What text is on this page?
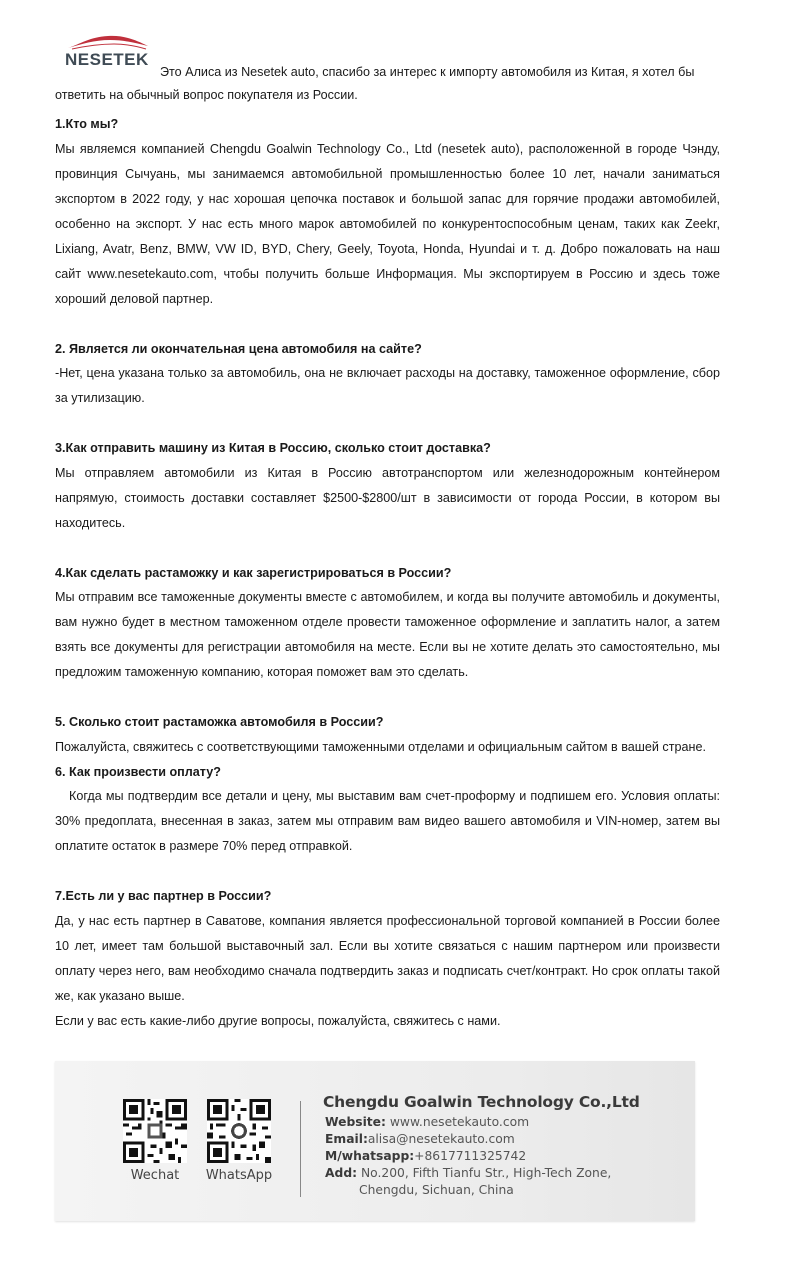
NESETEK
Это Алиса из Nesetek auto, спасибо за интерес к импорту автомобиля из Китая, я хотел бы
ответить на обычный вопрос покупателя из России.

1.Кто мы?

Мы являемся компанией Chengdu Goalwin Technology Co., Ltd (nesetek auto), расположенной в городе Чэнду, провинция Сычуань, мы занимаемся автомобильной промышленностью более 10 лет, начали заниматься экспортом в 2022 году, у нас хорошая цепочка поставок и большой запас для горячие продажи автомобилей, особенно на экспорт. У нас есть много марок автомобилей по конкурентоспособным ценам, таких как Zeekr, Lixiang, Avatr, Benz, BMW, VW ID, BYD, Chery, Geely, Toyota, Honda, Hyundai и т. д. Добро пожаловать на наш сайт www.nesetekauto.com, чтобы получить больше Информация. Мы экспортируем в Россию и здесь тоже хороший деловой партнер.

2. Является ли окончательная цена автомобиля на сайте?

-Нет, цена указана только за автомобиль, она не включает расходы на доставку, таможенное оформление, сбор за утилизацию.

3.Как отправить машину из Китая в Россию, сколько стоит доставка?

Мы отправляем автомобили из Китая в Россию автотранспортом или железнодорожным контейнером напрямую, стоимость доставки составляет $2500-$2800/шт в зависимости от города России, в котором вы находитесь.

4.Как сделать растаможку и как зарегистрироваться в России?

Мы отправим все таможенные документы вместе с автомобилем, и когда вы получите автомобиль и документы, вам нужно будет в местном таможенном отделе провести таможенное оформление и заплатить налог, а затем взять все документы для регистрации автомобиля на месте. Если вы не хотите делать это самостоятельно, мы предложим таможенную компанию, которая поможет вам это сделать.

5. Сколько стоит растаможка автомобиля в России?

Пожалуйста, свяжитесь с соответствующими таможенными отделами и официальным сайтом в вашей стране.

6. Как произвести оплату?

Когда мы подтвердим все детали и цену, мы выставим вам счет-проформу и подпишем его. Условия оплаты: 30% предоплата, внесенная в заказ, затем мы отправим вам видео вашего автомобиля и VIN-номер, затем вы оплатите остаток в размере 70% перед отправкой.

7.Есть ли у вас партнер в России?

Да, у нас есть партнер в Саватове, компания является профессиональной торговой компанией в России более 10 лет, имеет там большой выставочный зал. Если вы хотите связаться с нашим партнером или произвести оплату через него, вам необходимо сначала подтвердить заказ и подписать счет/контракт. Но срок оплаты такой же, как указано выше.

Если у вас есть какие-либо другие вопросы, пожалуйста, свяжитесь с нами.

Wechat	WhatsApp
Chengdu Goalwin Technology Co.,Ltd
Website: www.nesetekauto.com
Email:alisa@nesetekauto.com
M/whatsapp:+8617711325742
Add: No.200, Fifth Tianfu Str., High-Tech Zone,
Chengdu, Sichuan, China
